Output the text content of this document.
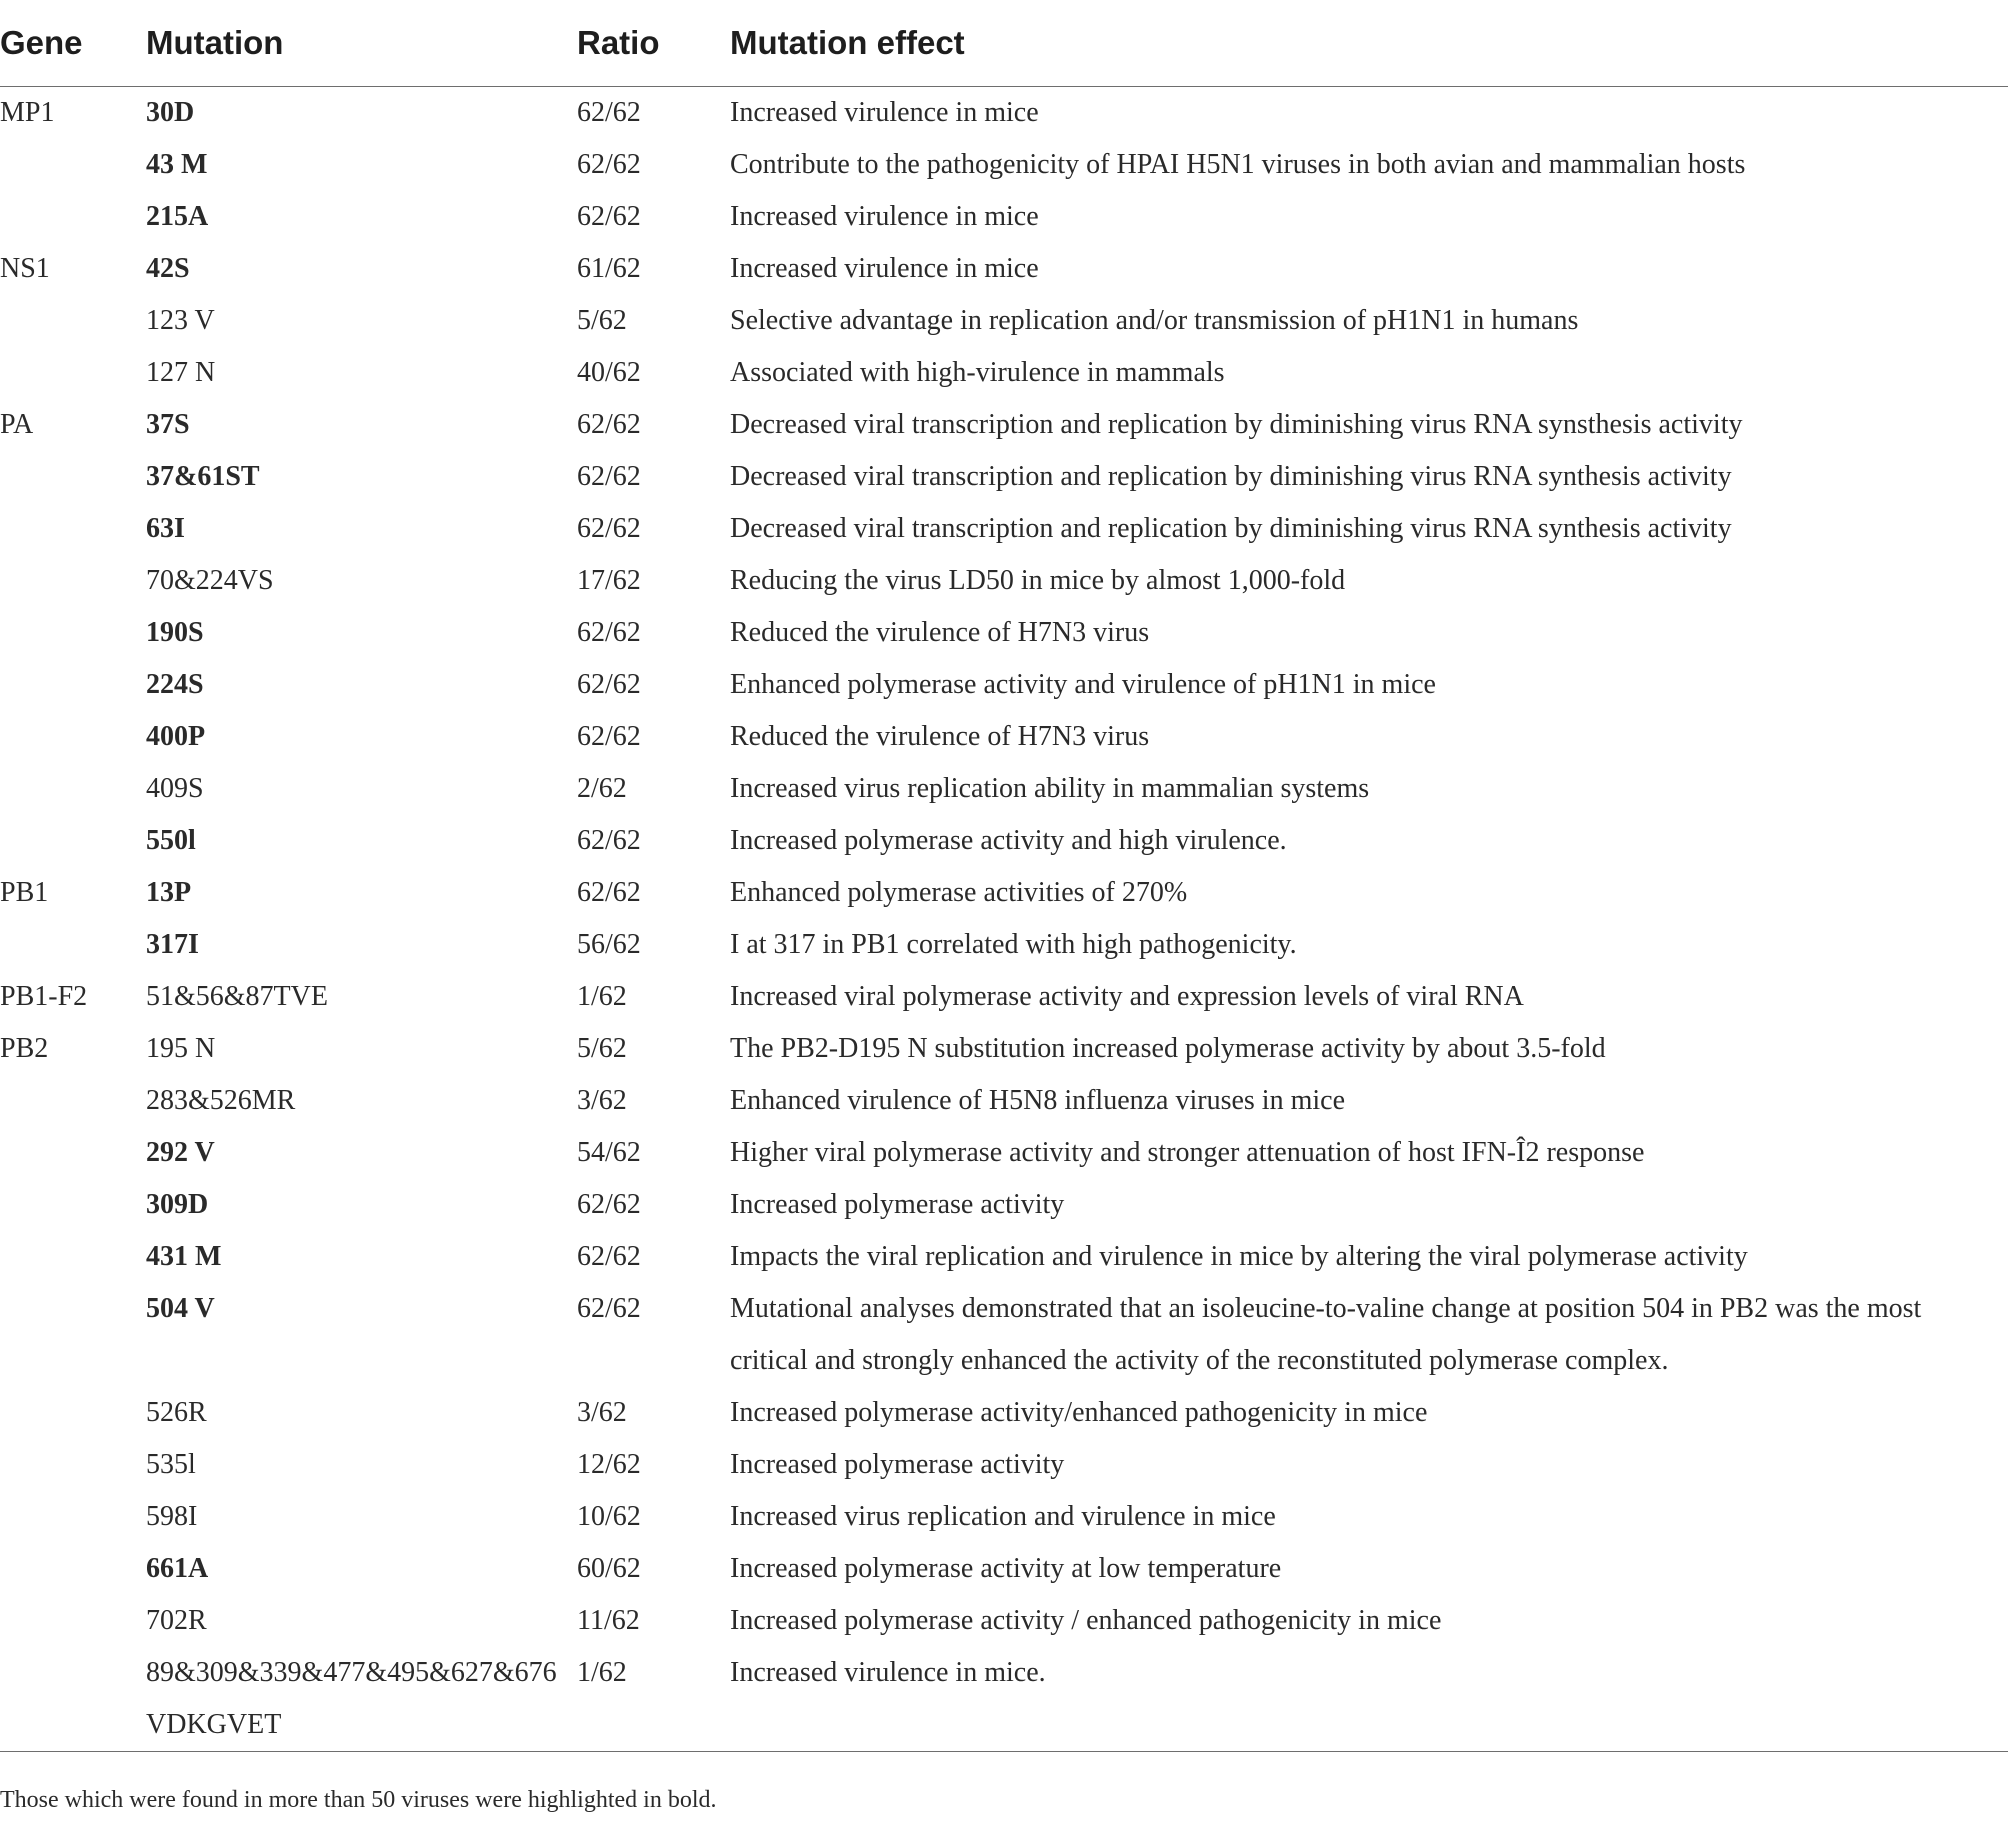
Gene	Mutation	Ratio	Mutation effect
MP1	30D	62/62	Increased virulence in mice
	43 M	62/62	Contribute to the pathogenicity of HPAI H5N1 viruses in both avian and mammalian hosts
	215A	62/62	Increased virulence in mice
NS1	42S	61/62	Increased virulence in mice
	123 V	5/62	Selective advantage in replication and/or transmission of pH1N1 in humans
	127 N	40/62	Associated with high-virulence in mammals
PA	37S	62/62	Decreased viral transcription and replication by diminishing virus RNA synsthesis activity
	37&61ST	62/62	Decreased viral transcription and replication by diminishing virus RNA synthesis activity
	63I	62/62	Decreased viral transcription and replication by diminishing virus RNA synthesis activity
	70&224VS	17/62	Reducing the virus LD50 in mice by almost 1,000-fold
	190S	62/62	Reduced the virulence of H7N3 virus
	224S	62/62	Enhanced polymerase activity and virulence of pH1N1 in mice
	400P	62/62	Reduced the virulence of H7N3 virus
	409S	2/62	Increased virus replication ability in mammalian systems
	550l	62/62	Increased polymerase activity and high virulence.
PB1	13P	62/62	Enhanced polymerase activities of 270%
	317I	56/62	I at 317 in PB1 correlated with high pathogenicity.
PB1-F2	51&56&87TVE	1/62	Increased viral polymerase activity and expression levels of viral RNA
PB2	195 N	5/62	The PB2-D195 N substitution increased polymerase activity by about 3.5-fold
	283&526MR	3/62	Enhanced virulence of H5N8 influenza viruses in mice
	292 V	54/62	Higher viral polymerase activity and stronger attenuation of host IFN-Î2 response
	309D	62/62	Increased polymerase activity
	431 M	62/62	Impacts the viral replication and virulence in mice by altering the viral polymerase activity
	504 V	62/62	Mutational analyses demonstrated that an isoleucine-to-valine change at position 504 in PB2 was the most critical and strongly enhanced the activity of the reconstituted polymerase complex.
	526R	3/62	Increased polymerase activity/enhanced pathogenicity in mice
	535l	12/62	Increased polymerase activity
	598I	10/62	Increased virus replication and virulence in mice
	661A	60/62	Increased polymerase activity at low temperature
	702R	11/62	Increased polymerase activity / enhanced pathogenicity in mice
	89&309&339&477&495&627&676 VDKGVET	1/62	Increased virulence in mice.
Those which were found in more than 50 viruses were highlighted in bold.
